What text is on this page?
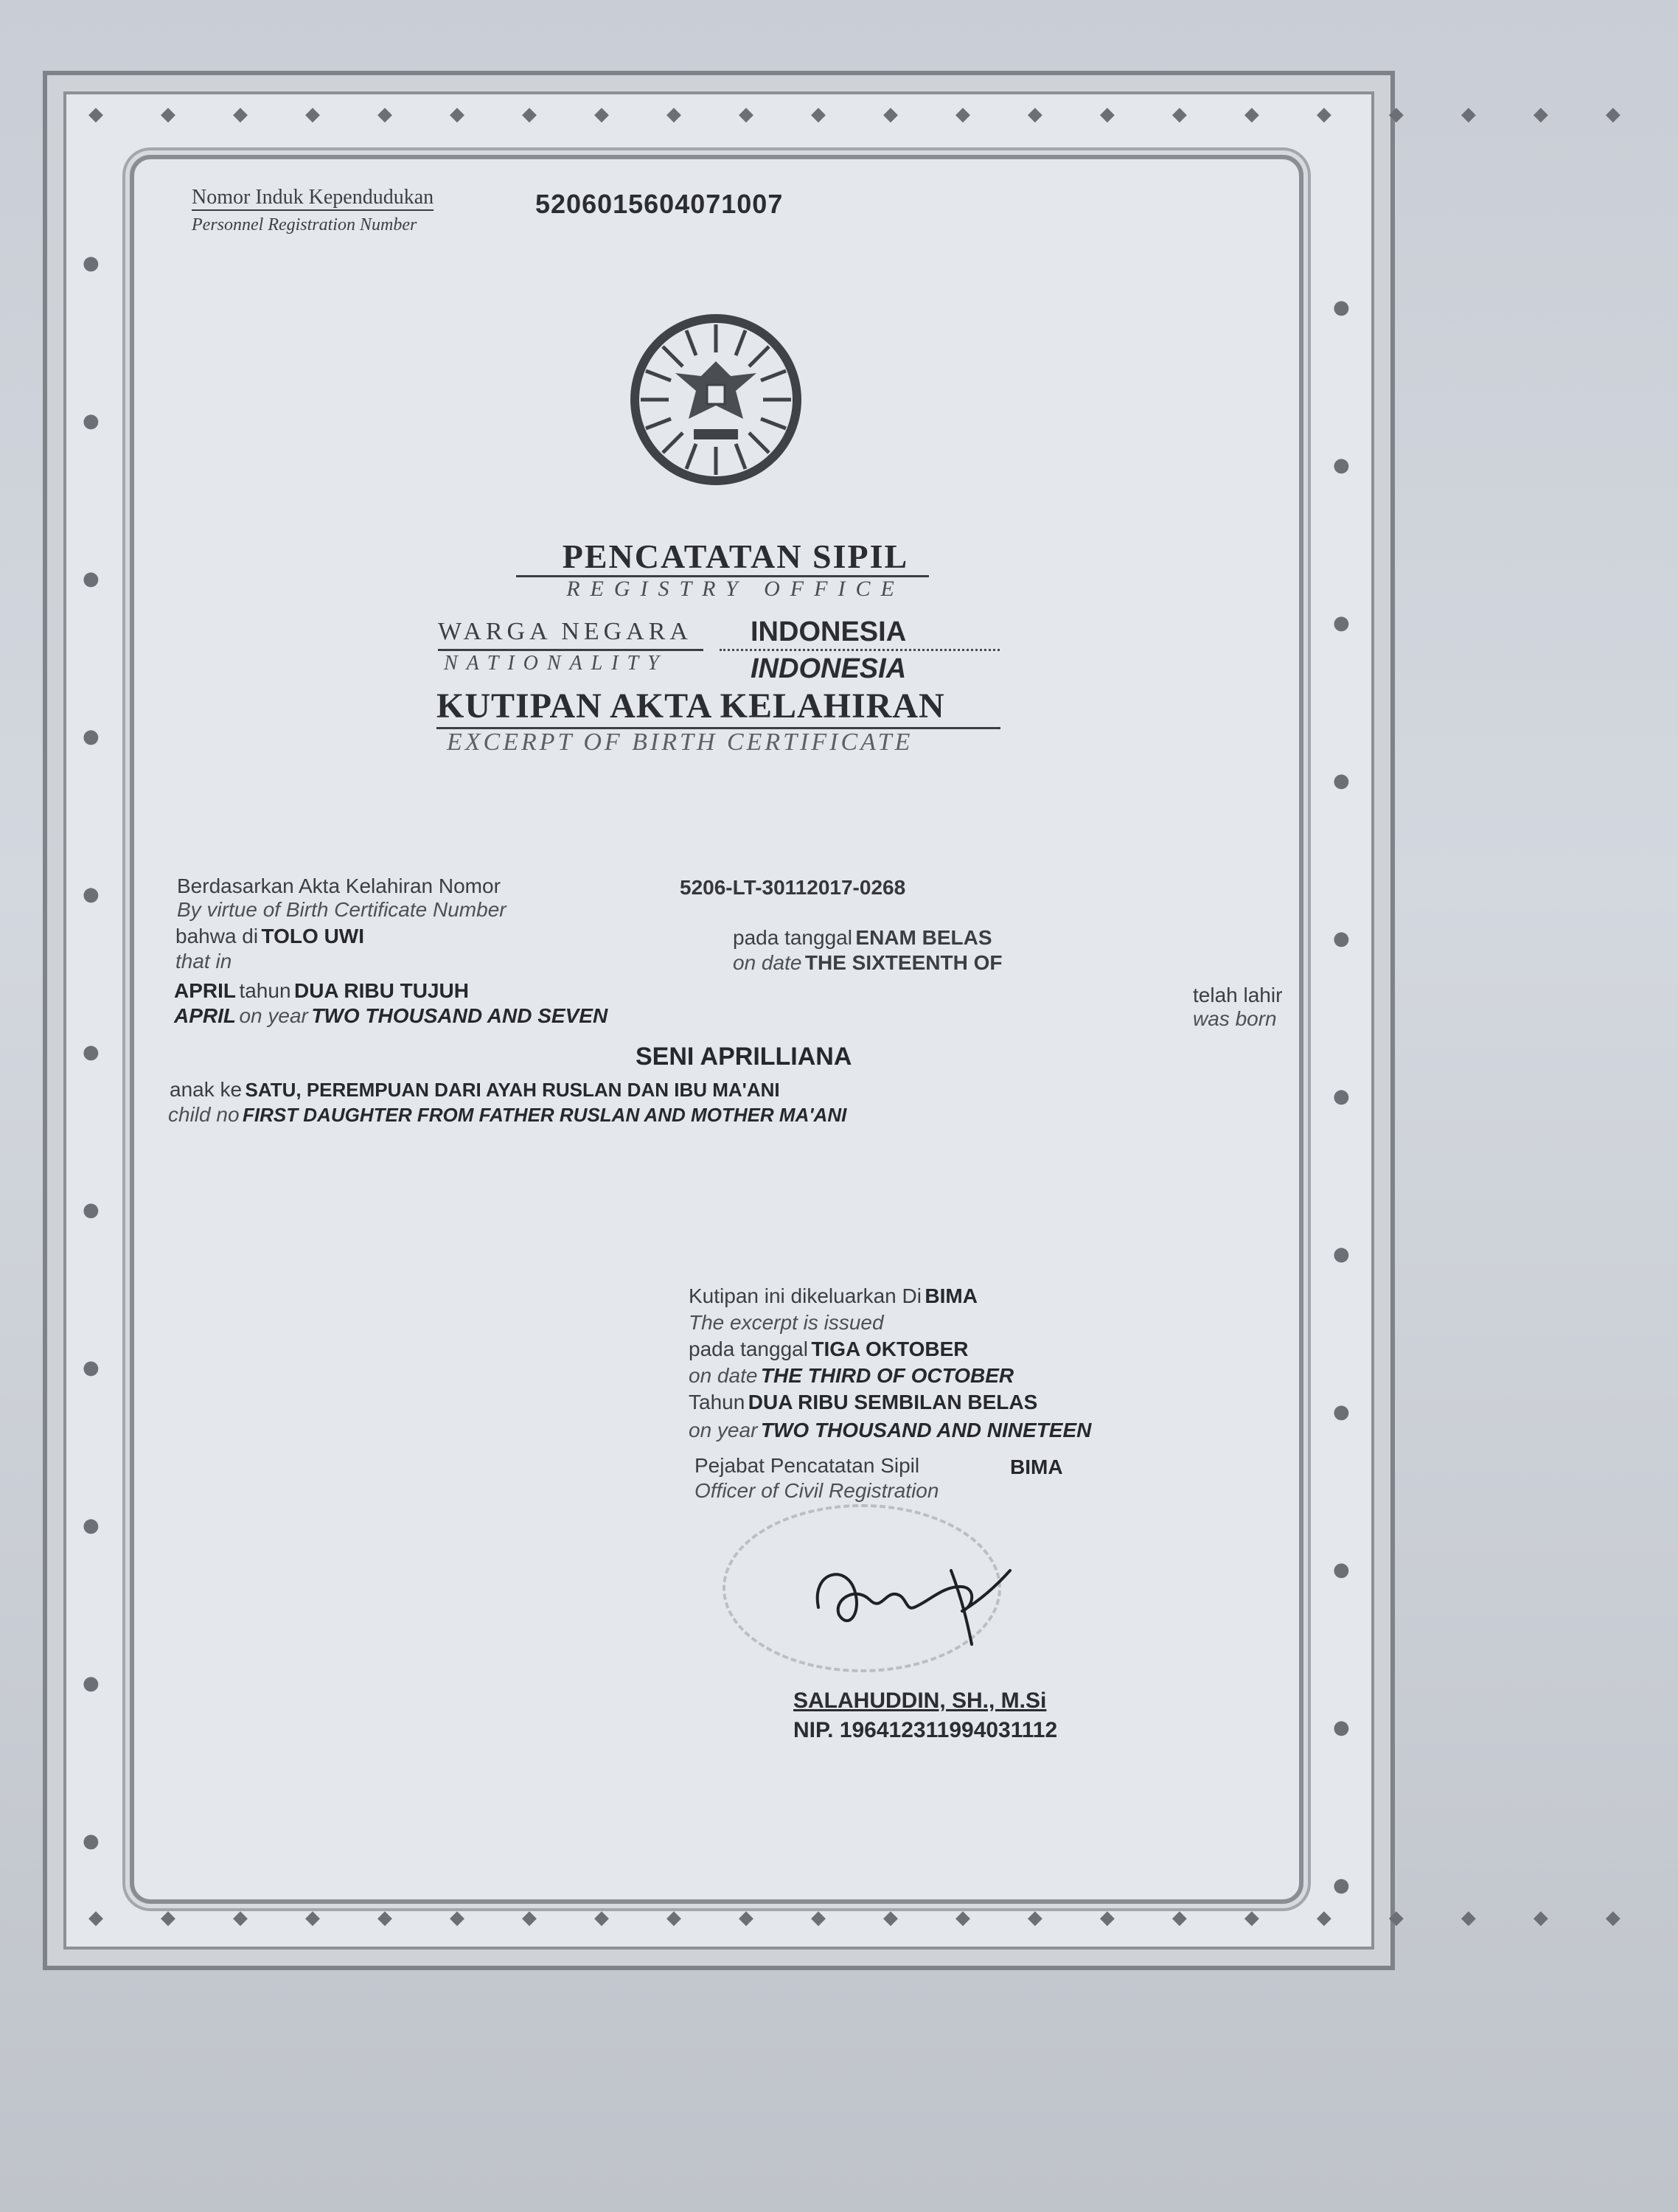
◆◆◆◆◆◆◆◆◆◆◆◆◆◆◆◆◆◆◆◆◆◆
◆◆◆◆◆◆◆◆◆◆◆◆◆◆◆◆◆◆◆◆◆◆
●
●
●
●
●
●
●
●
●
●
●
●
●
●
●
●
●
●
●
●
●
●
Nomor Induk Kependudukan
Personnel Registration Number
5206015604071007
PENCATATAN SIPIL
REGISTRY OFFICE
WARGA NEGARA
NATIONALITY
INDONESIA
INDONESIA
KUTIPAN AKTA KELAHIRAN
EXCERPT OF BIRTH CERTIFICATE
Berdasarkan Akta Kelahiran Nomor
By virtue of Birth Certificate Number
5206-LT-30112017-0268
bahwa di TOLO UWI
that in
pada tanggal ENAM BELAS
on date THE SIXTEENTH OF
APRIL tahun DUA RIBU TUJUH
APRIL on year TWO THOUSAND AND SEVEN
telah lahir
was born
SENI APRILLIANA
anak ke SATU, PEREMPUAN DARI AYAH RUSLAN DAN IBU MA'ANI
child no FIRST DAUGHTER FROM FATHER RUSLAN AND MOTHER MA'ANI
Kutipan ini dikeluarkan Di BIMA
The excerpt is issued
pada tanggal TIGA OKTOBER
on date THE THIRD OF OCTOBER
Tahun DUA RIBU SEMBILAN BELAS
on year TWO THOUSAND AND NINETEEN
Pejabat Pencatatan Sipil	BIMA
Officer of Civil Registration
SALAHUDDIN, SH., M.Si
NIP. 196412311994031112
